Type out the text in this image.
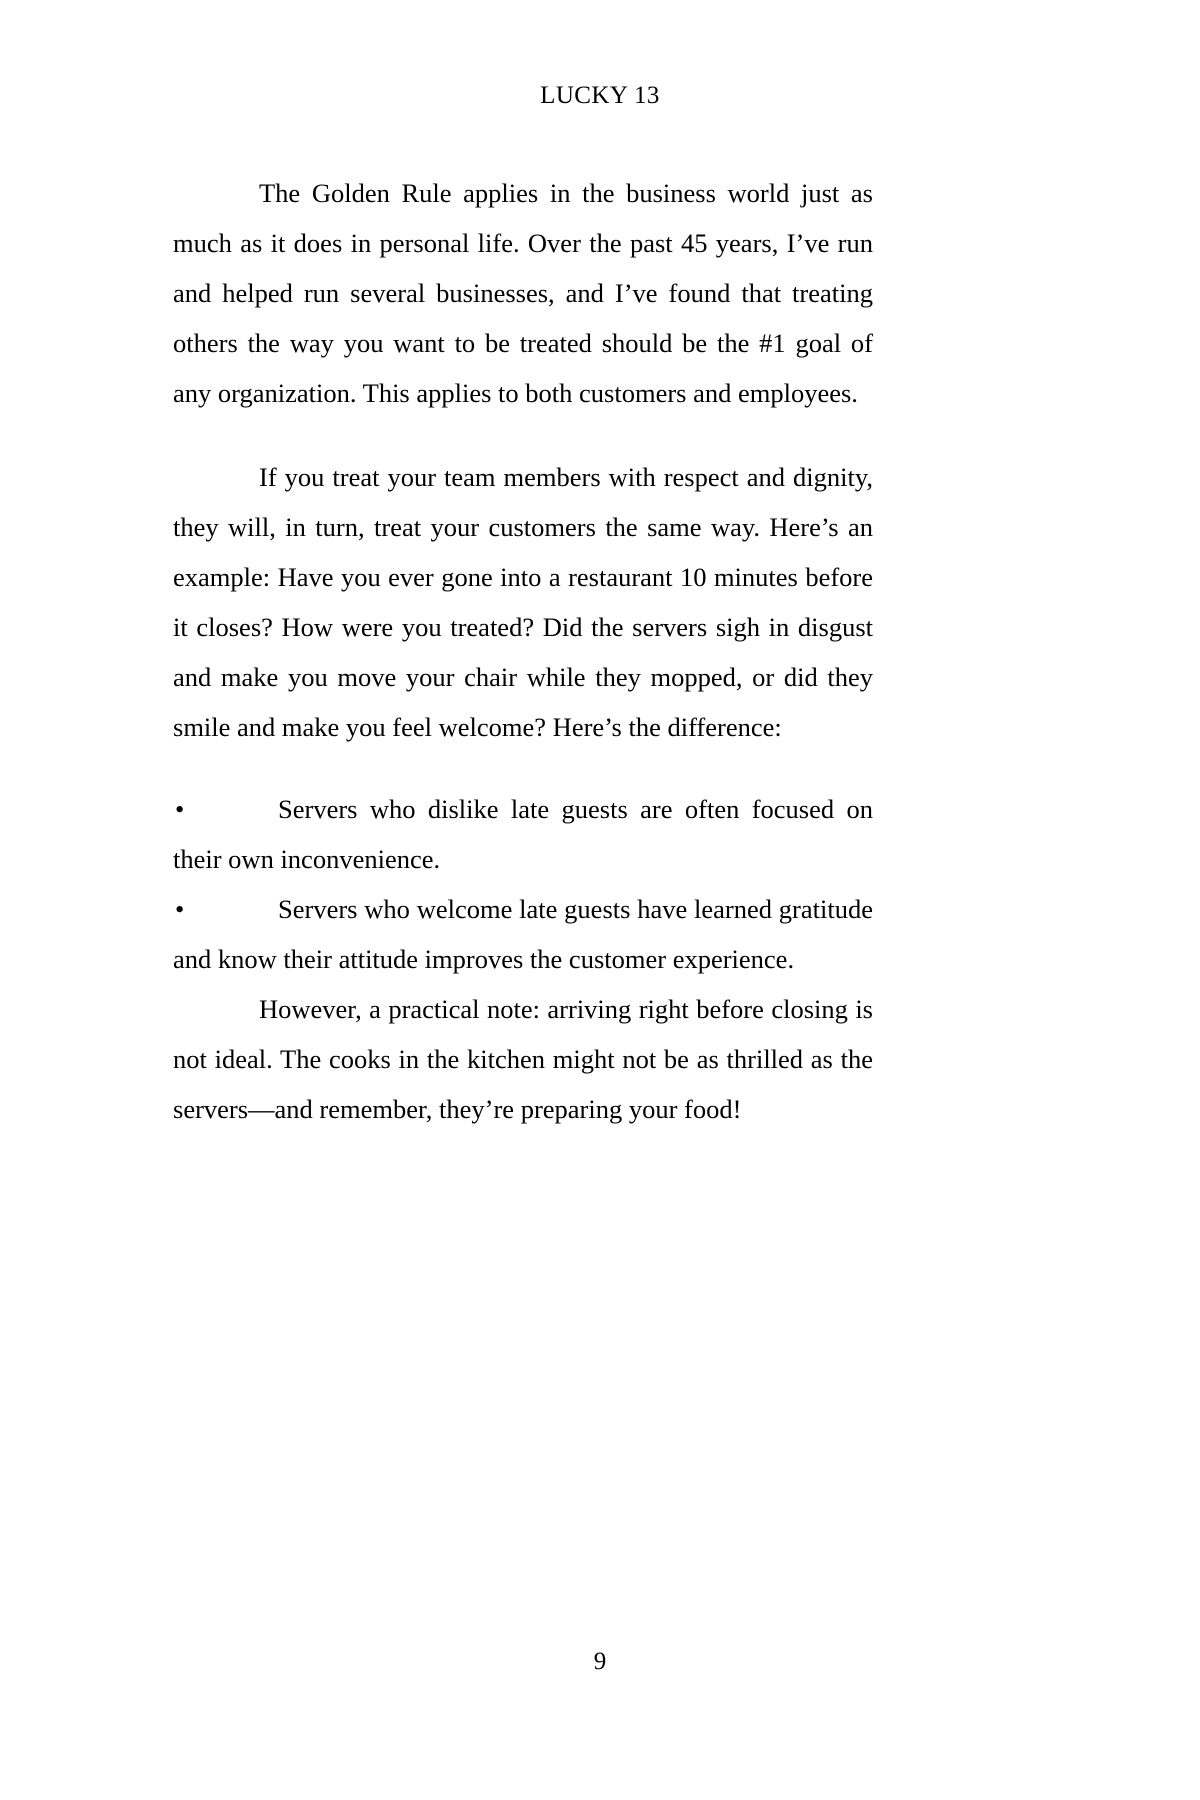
LUCKY 13

The Golden Rule applies in the business world just as much as it does in personal life. Over the past 45 years, I’ve run and helped run several businesses, and I’ve found that treating others the way you want to be treated should be the #1 goal of any organization. This applies to both customers and employees.

If you treat your team members with respect and dignity, they will, in turn, treat your customers the same way. Here’s an example: Have you ever gone into a restaurant 10 minutes before it closes? How were you treated? Did the servers sigh in disgust and make you move your chair while they mopped, or did they smile and make you feel welcome? Here’s the difference:

•	Servers who dislike late guests are often focused on their own inconvenience.
•	Servers who welcome late guests have learned gratitude and know their attitude improves the customer experience.

However, a practical note: arriving right before closing is not ideal. The cooks in the kitchen might not be as thrilled as the servers—and remember, they’re preparing your food!

9
